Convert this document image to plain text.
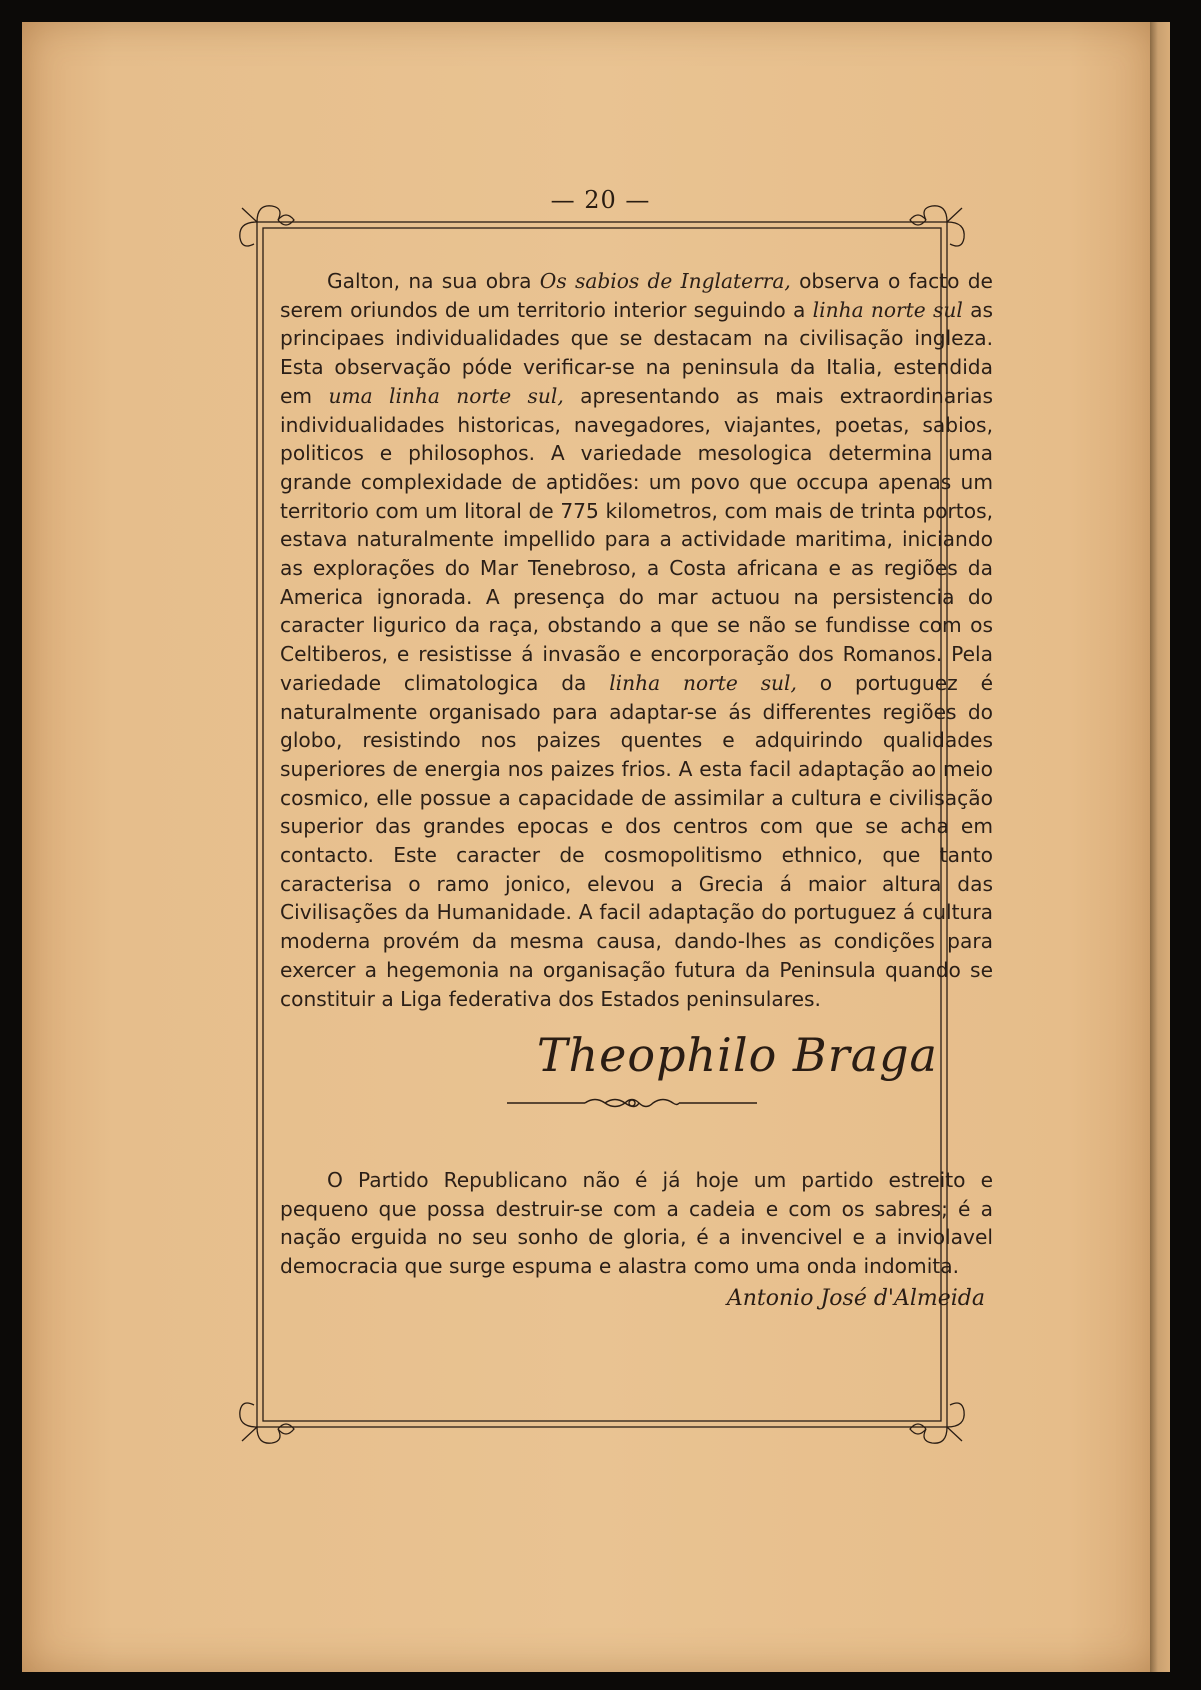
— 20 —

Galton, na sua obra Os sabios de Inglaterra, observa o facto de serem oriundos de um territorio interior seguindo a linha norte sul as principaes individualidades que se destacam na civilisação ingleza. Esta observação póde verificar-se na peninsula da Italia, estendida em uma linha norte sul, apresentando as mais extraordinarias individualidades historicas, navegadores, viajantes, poetas, sabios, politicos e philosophos. A variedade mesologica determina uma grande complexidade de aptidões: um povo que occupa apenas um territorio com um litoral de 775 kilometros, com mais de trinta portos, estava naturalmente impellido para a actividade maritima, iniciando as explorações do Mar Tenebroso, a Costa africana e as regiões da America ignorada. A presença do mar actuou na persistencia do caracter ligurico da raça, obstando a que se não se fundisse com os Celtiberos, e resistisse á invasão e encorporação dos Romanos. Pela variedade climatologica da linha norte sul, o portuguez é naturalmente organisado para adaptar-se ás differentes regiões do globo, resistindo nos paizes quentes e adquirindo qualidades superiores de energia nos paizes frios. A esta facil adaptação ao meio cosmico, elle possue a capacidade de assimilar a cultura e civilisação superior das grandes epocas e dos centros com que se acha em contacto. Este caracter de cosmopolitismo ethnico, que tanto caracterisa o ramo jonico, elevou a Grecia á maior altura das Civilisações da Humanidade. A facil adaptação do portuguez á cultura moderna provém da mesma causa, dando-lhes as condições para exercer a hegemonia na organisação futura da Peninsula quando se constituir a Liga federativa dos Estados peninsulares.

Theophilo Braga

O Partido Republicano não é já hoje um partido estreito e pequeno que possa destruir-se com a cadeia e com os sabres; é a nação erguida no seu sonho de gloria, é a invencivel e a inviolavel democracia que surge espuma e alastra como uma onda indomita.

Antonio José d'Almeida
